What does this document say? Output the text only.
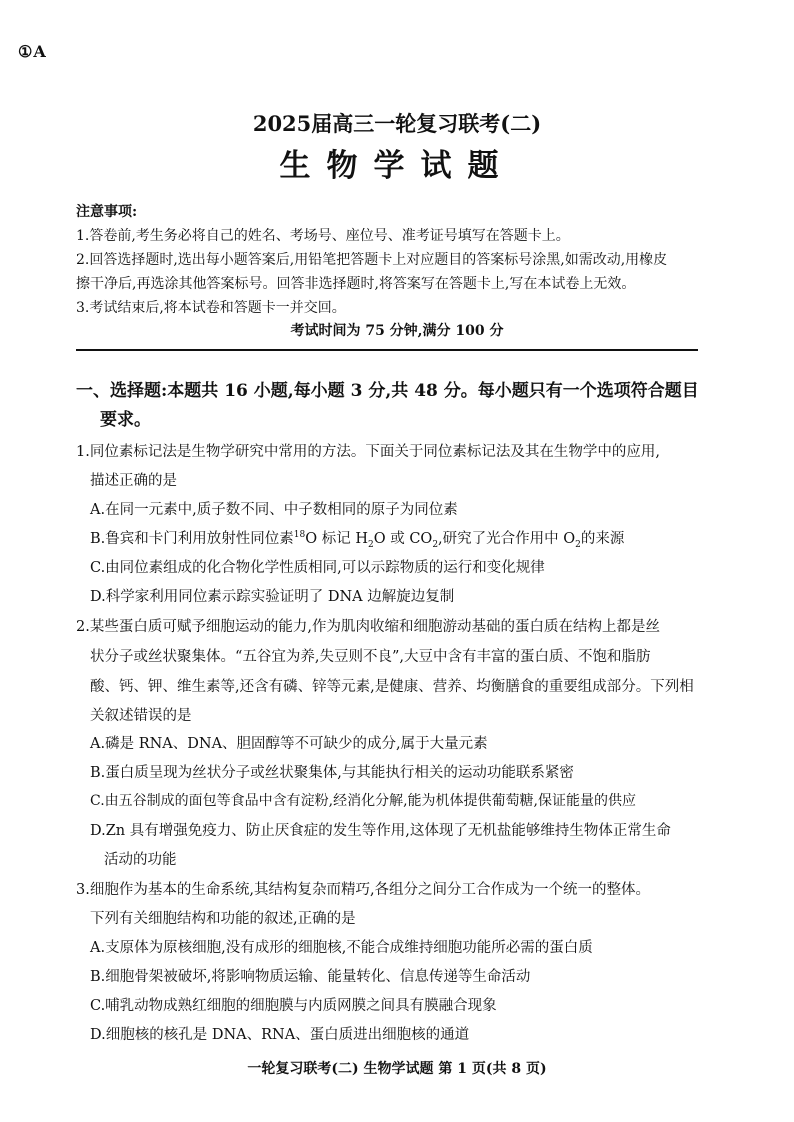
①A
2025届高三一轮复习联考(二)
生物学试题
注意事项:
1.答卷前,考生务必将自己的姓名、考场号、座位号、准考证号填写在答题卡上。
2.回答选择题时,选出每小题答案后,用铅笔把答题卡上对应题目的答案标号涂黑,如需改动,用橡皮
擦干净后,再选涂其他答案标号。回答非选择题时,将答案写在答题卡上,写在本试卷上无效。
3.考试结束后,将本试卷和答题卡一并交回。
考试时间为 75 分钟,满分 100 分
一、选择题:本题共 16 小题,每小题 3 分,共 48 分。每小题只有一个选项符合题目
要求。
1.同位素标记法是生物学研究中常用的方法。下面关于同位素标记法及其在生物学中的应用,
描述正确的是
A.在同一元素中,质子数不同、中子数相同的原子为同位素
B.鲁宾和卡门利用放射性同位素$^{18}$O 标记 $H_2O$ 或 $CO_2$,研究了光合作用中 $O_2$的来源
C.由同位素组成的化合物化学性质相同,可以示踪物质的运行和变化规律
D.科学家利用同位素示踪实验证明了 DNA 边解旋边复制
2.某些蛋白质可赋予细胞运动的能力,作为肌肉收缩和细胞游动基础的蛋白质在结构上都是丝
状分子或丝状聚集体。“五谷宜为养,失豆则不良”,大豆中含有丰富的蛋白质、不饱和脂肪
酸、钙、钾、维生素等,还含有磷、锌等元素,是健康、营养、均衡膳食的重要组成部分。下列相
关叙述错误的是
A.磷是 RNA、DNA、胆固醇等不可缺少的成分,属于大量元素
B.蛋白质呈现为丝状分子或丝状聚集体,与其能执行相关的运动功能联系紧密
C.由五谷制成的面包等食品中含有淀粉,经消化分解,能为机体提供葡萄糖,保证能量的供应
D.Zn 具有增强免疫力、防止厌食症的发生等作用,这体现了无机盐能够维持生物体正常生命
活动的功能
3.细胞作为基本的生命系统,其结构复杂而精巧,各组分之间分工合作成为一个统一的整体。
下列有关细胞结构和功能的叙述,正确的是
A.支原体为原核细胞,没有成形的细胞核,不能合成维持细胞功能所必需的蛋白质
B.细胞骨架被破坏,将影响物质运输、能量转化、信息传递等生命活动
C.哺乳动物成熟红细胞的细胞膜与内质网膜之间具有膜融合现象
D.细胞核的核孔是 DNA、RNA、蛋白质进出细胞核的通道
一轮复习联考(二) 生物学试题 第 1 页(共 8 页)
